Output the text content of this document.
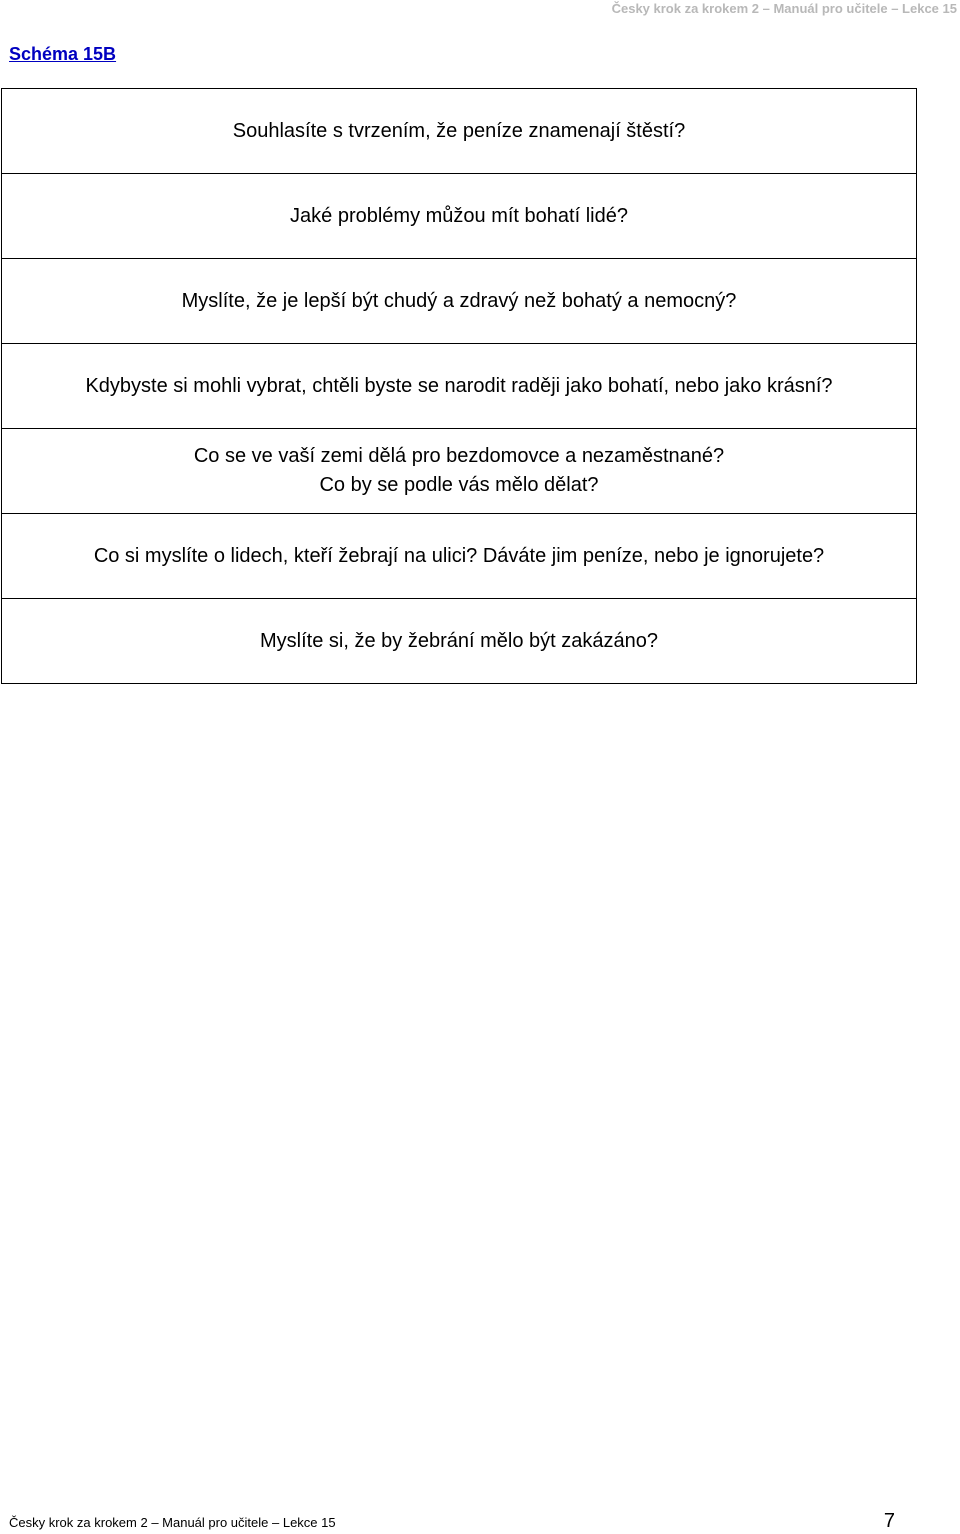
Česky krok za krokem 2 – Manuál pro učitele – Lekce 15
Schéma 15B
Souhlasíte s tvrzením, že peníze znamenají štěstí?
Jaké problémy můžou mít bohatí lidé?
Myslíte, že je lepší být chudý a zdravý než bohatý a nemocný?
Kdybyste si mohli vybrat, chtěli byste se narodit raději jako bohatí, nebo jako krásní?
Co se ve vaší zemi dělá pro bezdomovce a nezaměstnané?
Co by se podle vás mělo dělat?
Co si myslíte o lidech, kteří žebrají na ulici? Dáváte jim peníze, nebo je ignorujete?
Myslíte si, že by žebrání mělo být zakázáno?
Česky krok za krokem 2 – Manuál pro učitele – Lekce 15	7
